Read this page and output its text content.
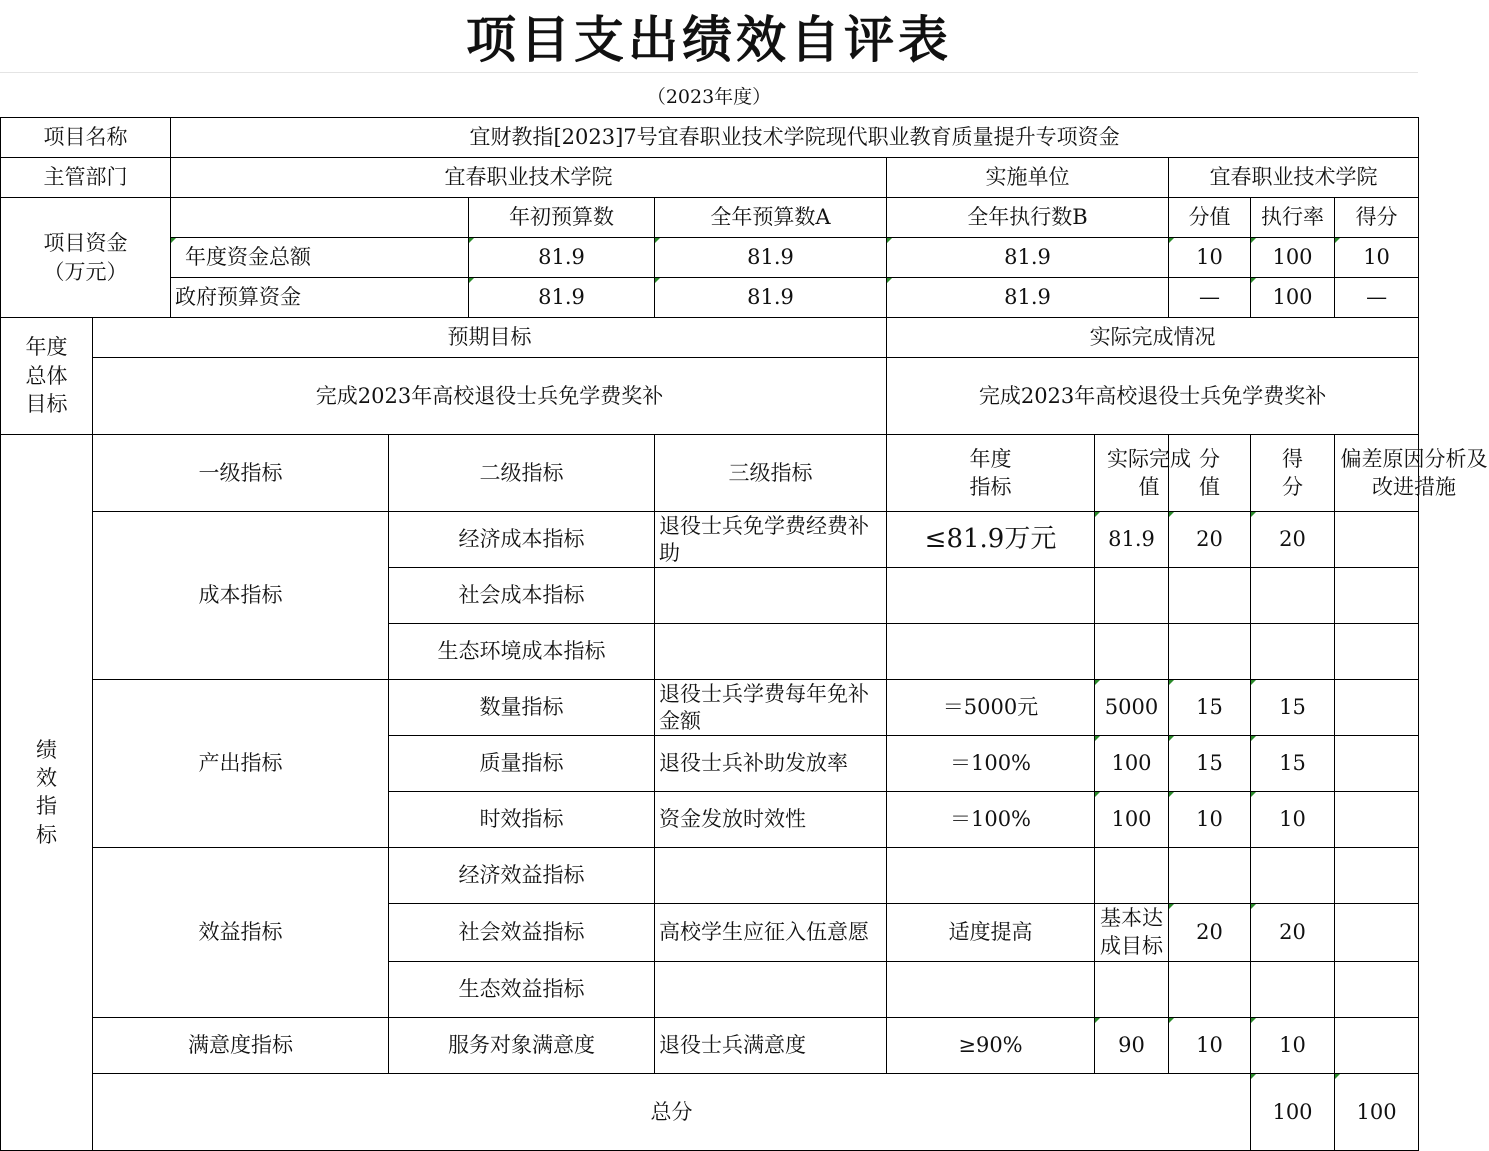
项目支出绩效自评表
（2023年度）
项目名称		宜财教指[2023]7号宜春职业技术学院现代职业教育质量提升专项资金									
主管部门		宜春职业技术学院				实施单位		宜春职业技术学院			
项目资金（万元）				年初预算数	全年预算数A	全年执行数B		分值	执行率	得分	
		年度资金总额		81.9	81.9	81.9		10	100	10	
		政府预算资金		81.9	81.9	81.9		—	100	—	
年度总体目标	预期目标					实际完成情况					
	完成2023年高校退役士兵免学费奖补					完成2023年高校退役士兵免学费奖补					
绩效指标	一级指标		二级指标		三级指标	年度指标	实际完成值	分值	得分	偏差原因分析及改进措施	
	成本指标		经济成本指标		退役士兵免学费经费补助	≤81.9万元	81.9	20	20		
			社会成本指标								
			生态环境成本指标								
	产出指标		数量指标		退役士兵学费每年免补金额	＝5000元	5000	15	15		
			质量指标		退役士兵补助发放率	＝100%	100	15	15		
			时效指标		资金发放时效性	＝100%	100	10	10		
	效益指标		经济效益指标								
			社会效益指标		高校学生应征入伍意愿	适度提高	基本达成目标	20	20		
			生态效益指标								
	满意度指标		服务对象满意度		退役士兵满意度	≥90%	90	10	10		
	总分								100	100	
